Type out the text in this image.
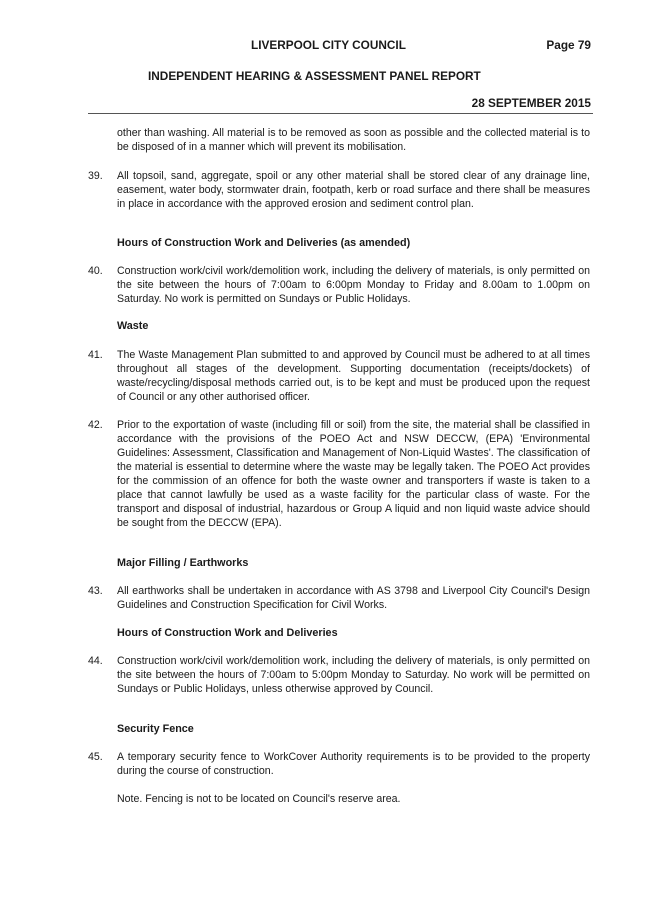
LIVERPOOL CITY COUNCIL	Page 79
INDEPENDENT HEARING & ASSESSMENT PANEL REPORT
28 SEPTEMBER 2015
other than washing. All material is to be removed as soon as possible and the collected material is to be disposed of in a manner which will prevent its mobilisation.
39. All topsoil, sand, aggregate, spoil or any other material shall be stored clear of any drainage line, easement, water body, stormwater drain, footpath, kerb or road surface and there shall be measures in place in accordance with the approved erosion and sediment control plan.
Hours of Construction Work and Deliveries (as amended)
40. Construction work/civil work/demolition work, including the delivery of materials, is only permitted on the site between the hours of 7:00am to 6:00pm Monday to Friday and 8.00am to 1.00pm on Saturday. No work is permitted on Sundays or Public Holidays.
Waste
41. The Waste Management Plan submitted to and approved by Council must be adhered to at all times throughout all stages of the development. Supporting documentation (receipts/dockets) of waste/recycling/disposal methods carried out, is to be kept and must be produced upon the request of Council or any other authorised officer.
42. Prior to the exportation of waste (including fill or soil) from the site, the material shall be classified in accordance with the provisions of the POEO Act and NSW DECCW, (EPA) 'Environmental Guidelines: Assessment, Classification and Management of Non-Liquid Wastes'. The classification of the material is essential to determine where the waste may be legally taken. The POEO Act provides for the commission of an offence for both the waste owner and transporters if waste is taken to a place that cannot lawfully be used as a waste facility for the particular class of waste. For the transport and disposal of industrial, hazardous or Group A liquid and non liquid waste advice should be sought from the DECCW (EPA).
Major Filling / Earthworks
43. All earthworks shall be undertaken in accordance with AS 3798 and Liverpool City Council's Design Guidelines and Construction Specification for Civil Works.
Hours of Construction Work and Deliveries
44. Construction work/civil work/demolition work, including the delivery of materials, is only permitted on the site between the hours of 7:00am to 5:00pm Monday to Saturday. No work will be permitted on Sundays or Public Holidays, unless otherwise approved by Council.
Security Fence
45. A temporary security fence to WorkCover Authority requirements is to be provided to the property during the course of construction.
Note. Fencing is not to be located on Council's reserve area.
